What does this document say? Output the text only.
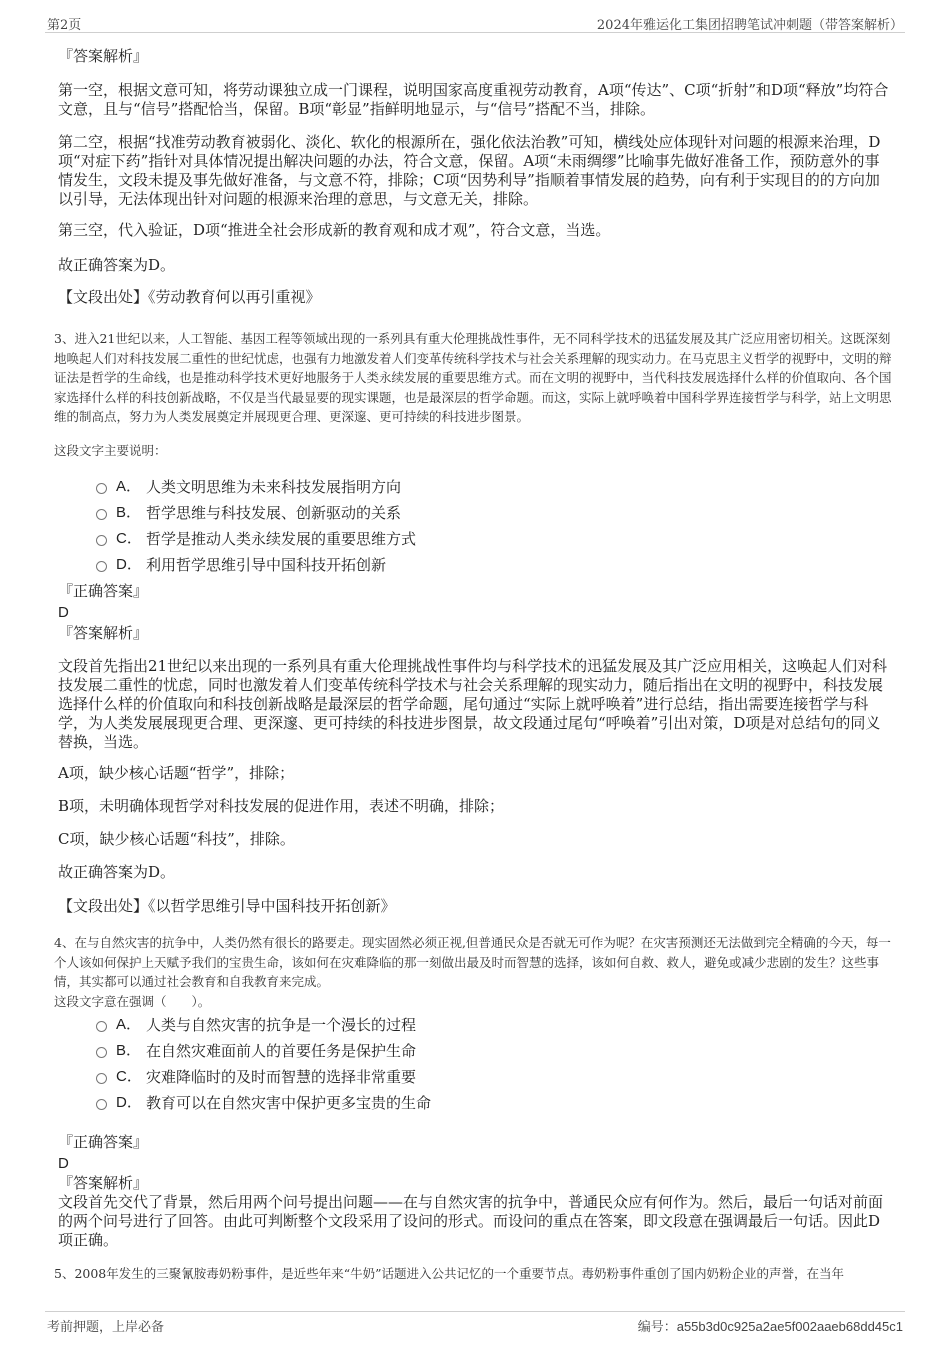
第2页	2024年雅运化工集团招聘笔试冲刺题（带答案解析）

『答案解析』

第一空，根据文意可知，将劳动课独立成一门课程，说明国家高度重视劳动教育，A项“传达”、C项“折射”和D项“释放”均符合文意，且与“信号”搭配恰当，保留。B项“彰显”指鲜明地显示，与“信号”搭配不当，排除。

第二空，根据“找准劳动教育被弱化、淡化、软化的根源所在，强化依法治教”可知，横线处应体现针对问题的根源来治理，D项“对症下药”指针对具体情况提出解决问题的办法，符合文意，保留。A项“未雨绸缪”比喻事先做好准备工作，预防意外的事情发生，文段未提及事先做好准备，与文意不符，排除；C项“因势利导”指顺着事情发展的趋势，向有利于实现目的的方向加以引导，无法体现出针对问题的根源来治理的意思，与文意无关，排除。

第三空，代入验证，D项“推进全社会形成新的教育观和成才观”，符合文意，当选。

故正确答案为D。

【文段出处】《劳动教育何以再引重视》

3、进入21世纪以来，人工智能、基因工程等领域出现的一系列具有重大伦理挑战性事件，无不同科学技术的迅猛发展及其广泛应用密切相关。这既深刻地唤起人们对科技发展二重性的世纪忧虑，也强有力地激发着人们变革传统科学技术与社会关系理解的现实动力。在马克思主义哲学的视野中，文明的辩证法是哲学的生命线，也是推动科学技术更好地服务于人类永续发展的重要思维方式。而在文明的视野中，当代科技发展选择什么样的价值取向、各个国家选择什么样的科技创新战略，不仅是当代最显要的现实课题，也是最深层的哲学命题。而这，实际上就呼唤着中国科学界连接哲学与科学，站上文明思维的制高点，努力为人类发展奠定并展现更合理、更深邃、更可持续的科技进步图景。

这段文字主要说明：

A． 人类文明思维为未来科技发展指明方向
B． 哲学思维与科技发展、创新驱动的关系
C． 哲学是推动人类永续发展的重要思维方式
D． 利用哲学思维引导中国科技开拓创新

『正确答案』

D

『答案解析』

文段首先指出21世纪以来出现的一系列具有重大伦理挑战性事件均与科学技术的迅猛发展及其广泛应用相关，这唤起人们对科技发展二重性的忧虑，同时也激发着人们变革传统科学技术与社会关系理解的现实动力，随后指出在文明的视野中，科技发展选择什么样的价值取向和科技创新战略是最深层的哲学命题，尾句通过“实际上就呼唤着”进行总结，指出需要连接哲学与科学，为人类发展展现更合理、更深邃、更可持续的科技进步图景，故文段通过尾句“呼唤着”引出对策，D项是对总结句的同义替换，当选。

A项，缺少核心话题“哲学”，排除；

B项，未明确体现哲学对科技发展的促进作用，表述不明确，排除；

C项，缺少核心话题“科技”，排除。

故正确答案为D。

【文段出处】《以哲学思维引导中国科技开拓创新》

4、在与自然灾害的抗争中，人类仍然有很长的路要走。现实固然必须正视,但普通民众是否就无可作为呢？在灾害预测还无法做到完全精确的今天，每一个人该如何保护上天赋予我们的宝贵生命，该如何在灾难降临的那一刻做出最及时而智慧的选择，该如何自救、救人，避免或减少悲剧的发生？这些事情，其实都可以通过社会教育和自我教育来完成。

这段文字意在强调（　　）。

A． 人类与自然灾害的抗争是一个漫长的过程
B． 在自然灾难面前人的首要任务是保护生命
C． 灾难降临时的及时而智慧的选择非常重要
D． 教育可以在自然灾害中保护更多宝贵的生命

『正确答案』

D

『答案解析』

文段首先交代了背景，然后用两个问号提出问题——在与自然灾害的抗争中，普通民众应有何作为。然后，最后一句话对前面的两个问号进行了回答。由此可判断整个文段采用了设问的形式。而设问的重点在答案，即文段意在强调最后一句话。因此D项正确。

5、2008年发生的三聚氰胺毒奶粉事件，是近些年来“牛奶”话题进入公共记忆的一个重要节点。毒奶粉事件重创了国内奶粉企业的声誉，在当年

考前押题，上岸必备	编号：a55b3d0c925a2ae5f002aaeb68dd45c1
